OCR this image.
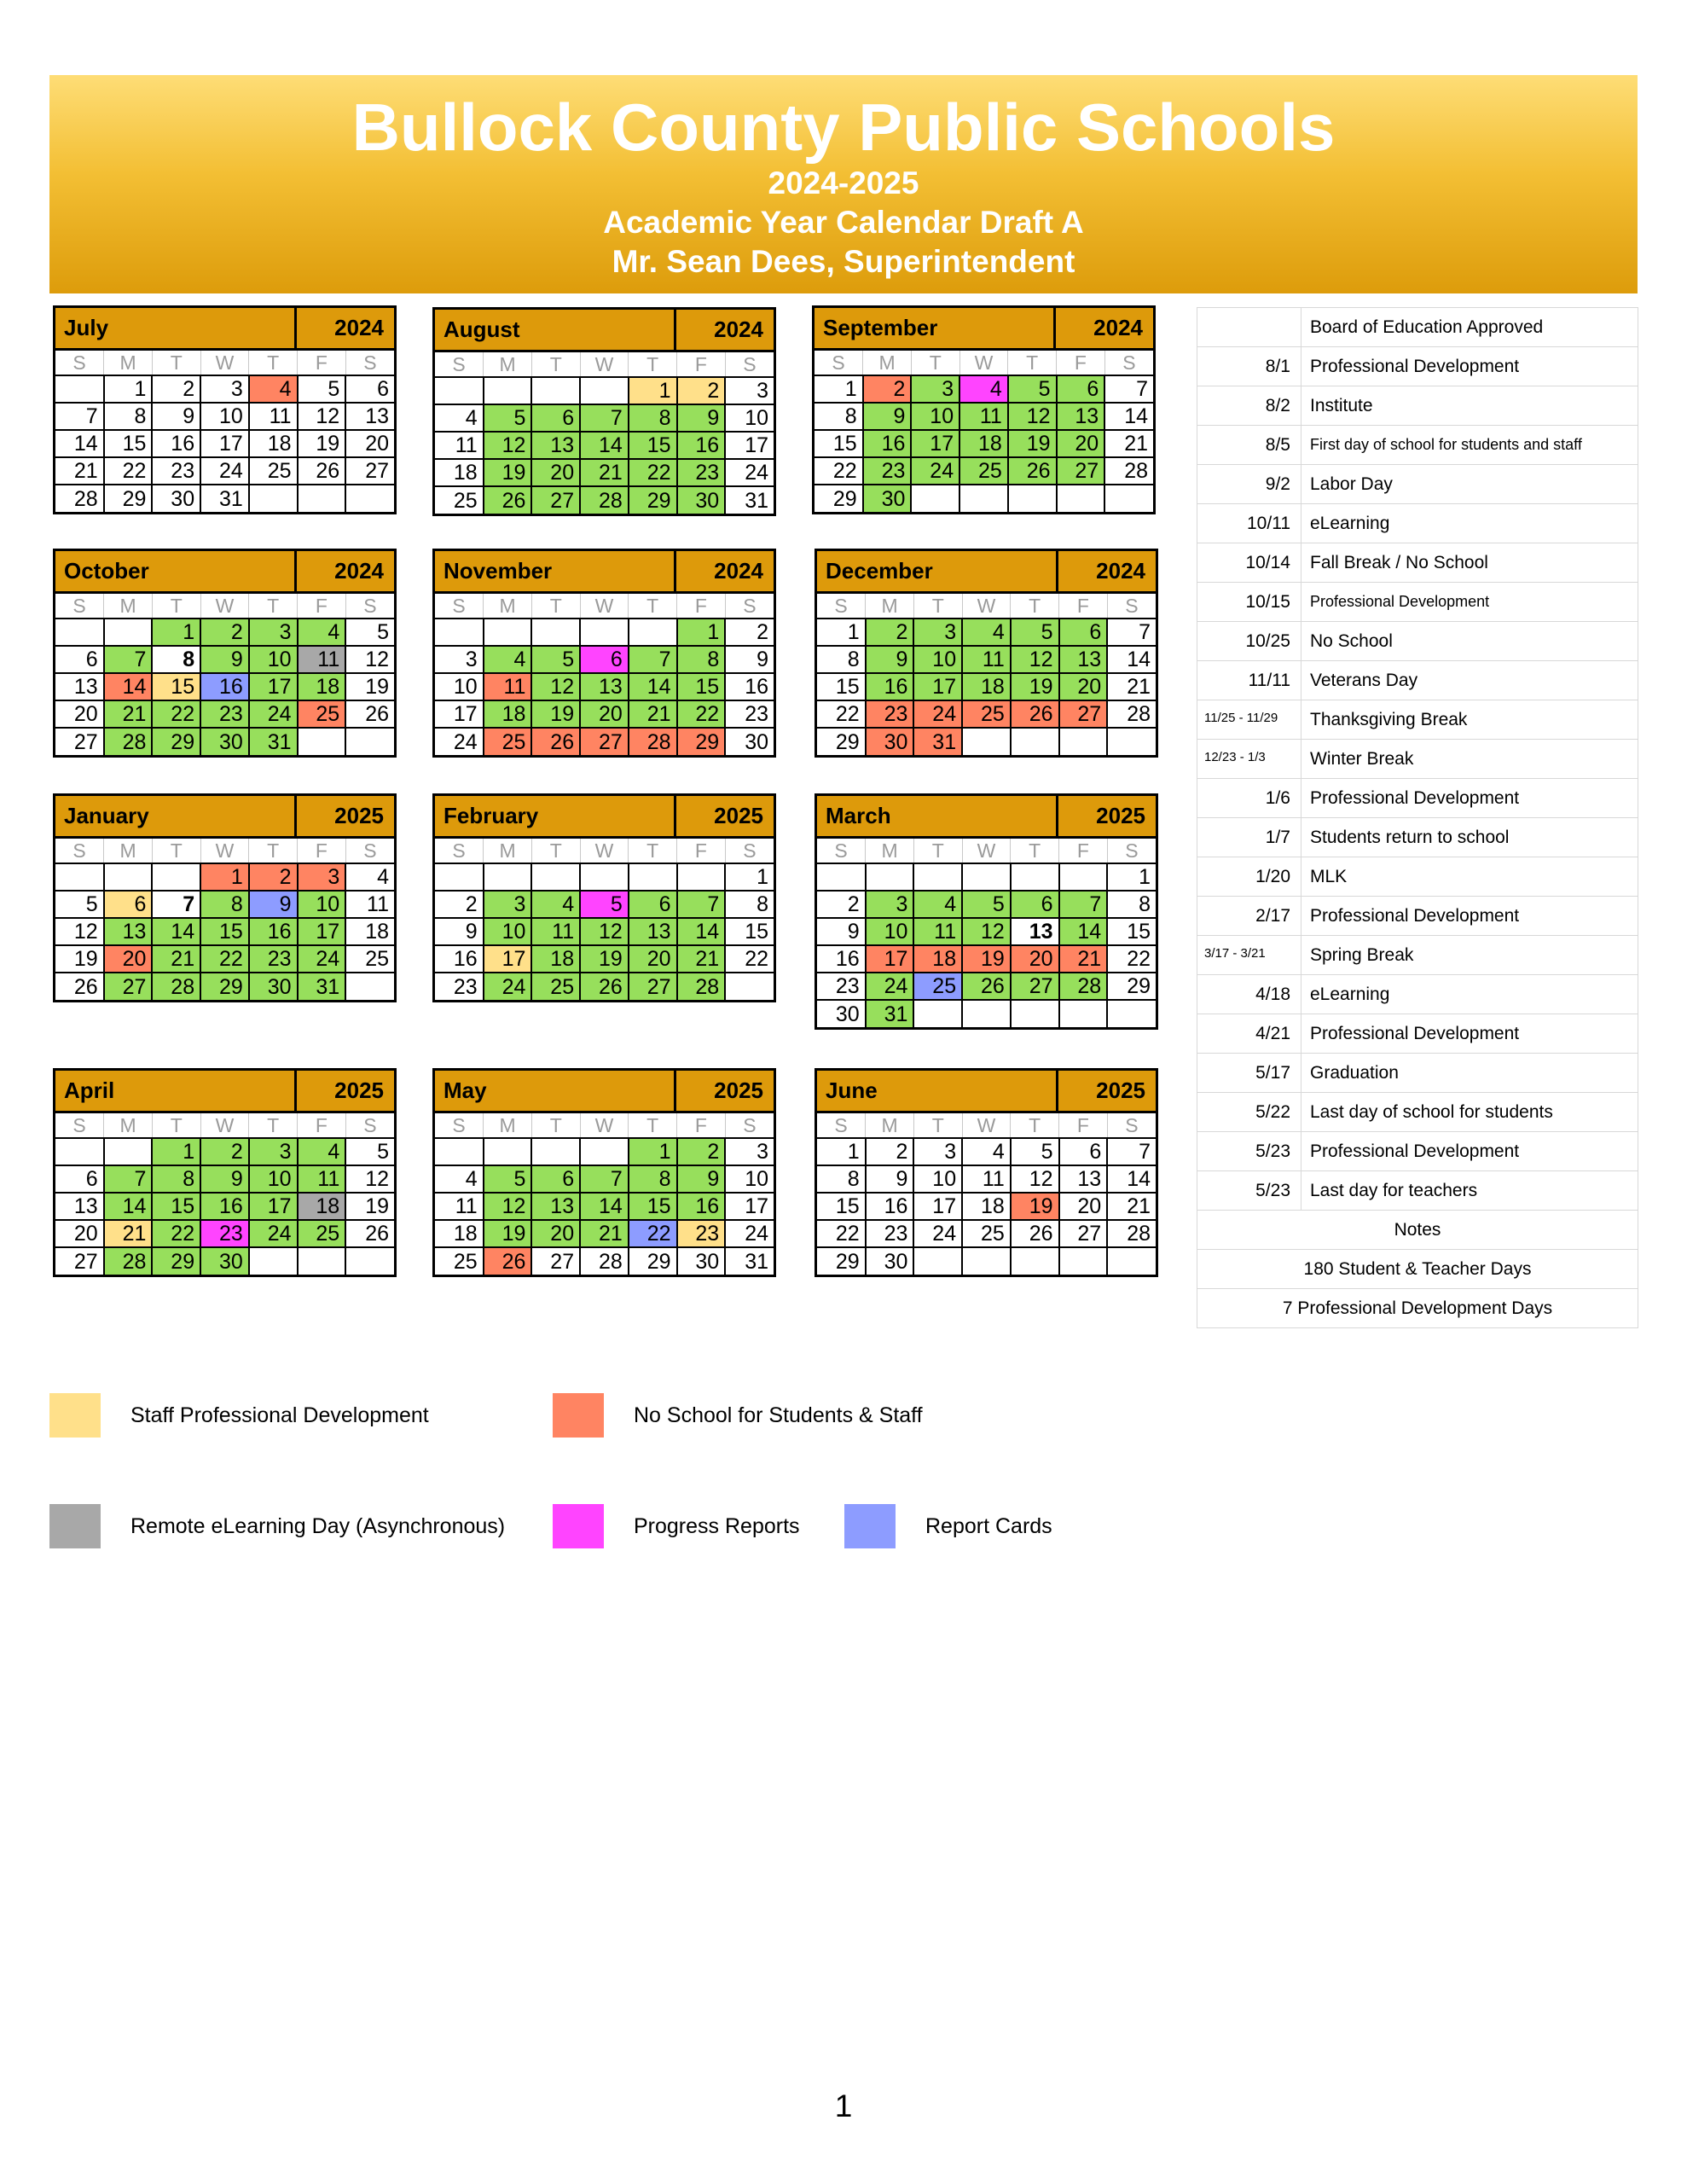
Bullock County Public Schools
2024-2025
Academic Year Calendar Draft A
Mr. Sean Dees, Superintendent
July	2024
S	M	T	W	T	F	S
	1	2	3	4	5	6
7	8	9	10	11	12	13
14	15	16	17	18	19	20
21	22	23	24	25	26	27
28	29	30	31			
August	2024
S	M	T	W	T	F	S
				1	2	3
4	5	6	7	8	9	10
11	12	13	14	15	16	17
18	19	20	21	22	23	24
25	26	27	28	29	30	31
September	2024
S	M	T	W	T	F	S
1	2	3	4	5	6	7
8	9	10	11	12	13	14
15	16	17	18	19	20	21
22	23	24	25	26	27	28
29	30					
October	2024
S	M	T	W	T	F	S
		1	2	3	4	5
6	7	8	9	10	11	12
13	14	15	16	17	18	19
20	21	22	23	24	25	26
27	28	29	30	31		
November	2024
S	M	T	W	T	F	S
					1	2
3	4	5	6	7	8	9
10	11	12	13	14	15	16
17	18	19	20	21	22	23
24	25	26	27	28	29	30
December	2024
S	M	T	W	T	F	S
1	2	3	4	5	6	7
8	9	10	11	12	13	14
15	16	17	18	19	20	21
22	23	24	25	26	27	28
29	30	31				
January	2025
S	M	T	W	T	F	S
			1	2	3	4
5	6	7	8	9	10	11
12	13	14	15	16	17	18
19	20	21	22	23	24	25
26	27	28	29	30	31	
February	2025
S	M	T	W	T	F	S
						1
2	3	4	5	6	7	8
9	10	11	12	13	14	15
16	17	18	19	20	21	22
23	24	25	26	27	28	
March	2025
S	M	T	W	T	F	S
						1
2	3	4	5	6	7	8
9	10	11	12	13	14	15
16	17	18	19	20	21	22
23	24	25	26	27	28	29
30	31					
April	2025
S	M	T	W	T	F	S
		1	2	3	4	5
6	7	8	9	10	11	12
13	14	15	16	17	18	19
20	21	22	23	24	25	26
27	28	29	30			
May	2025
S	M	T	W	T	F	S
				1	2	3
4	5	6	7	8	9	10
11	12	13	14	15	16	17
18	19	20	21	22	23	24
25	26	27	28	29	30	31
June	2025
S	M	T	W	T	F	S
1	2	3	4	5	6	7
8	9	10	11	12	13	14
15	16	17	18	19	20	21
22	23	24	25	26	27	28
29	30					
	Board of Education Approved
8/1	Professional Development
8/2	Institute
8/5	First day of school for students and staff
9/2	Labor Day
10/11	eLearning
10/14	Fall Break / No School
10/15	Professional Development
10/25	No School
11/11	Veterans Day
11/25 - 11/29	Thanksgiving Break
12/23 - 1/3	Winter Break
1/6	Professional Development
1/7	Students return to school
1/20	MLK
2/17	Professional Development
3/17 - 3/21	Spring Break
4/18	eLearning
4/21	Professional Development
5/17	Graduation
5/22	Last day of school for students
5/23	Professional Development
5/23	Last day for teachers
Notes	
180 Student & Teacher Days	
7 Professional Development Days	
Staff Professional Development	No School for Students & Staff
Remote eLearning Day (Asynchronous)	Progress Reports	Report Cards
1
